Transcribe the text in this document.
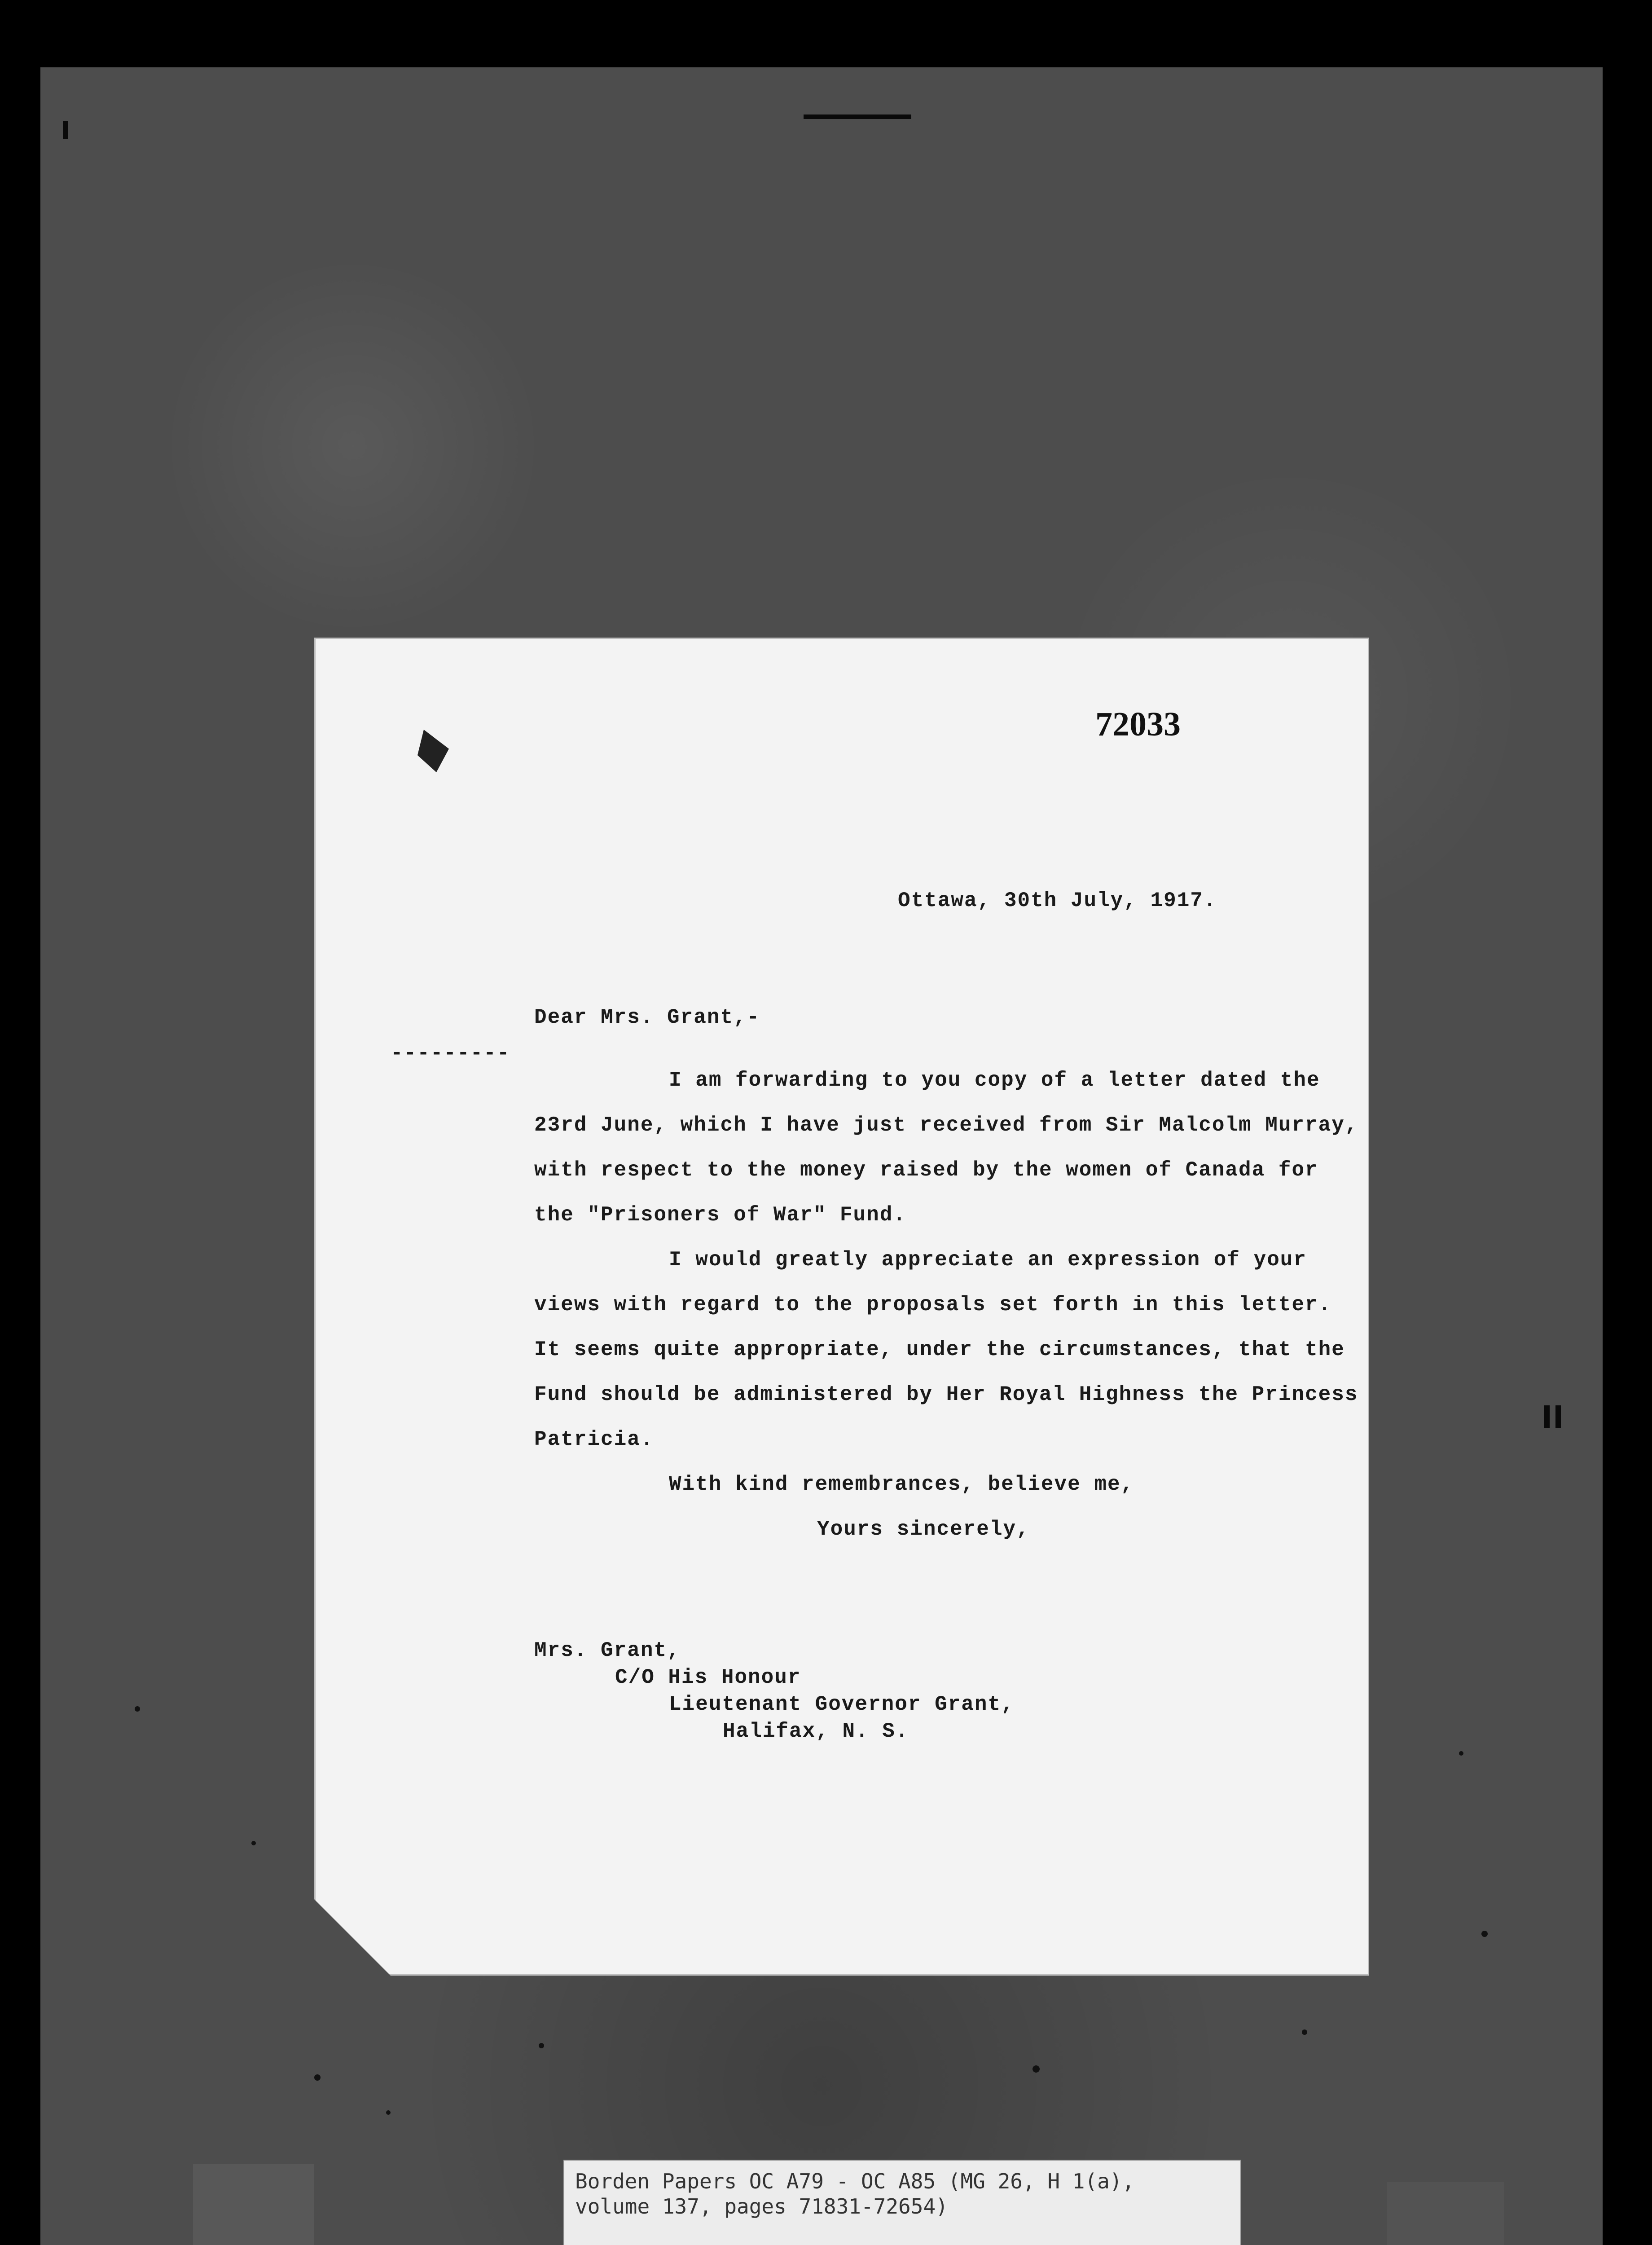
72033
Ottawa, 30th July, 1917.
Dear Mrs. Grant,-
---------
I am forwarding to you copy of a letter dated the
23rd June, which I have just received from Sir Malcolm Murray,
with respect to the money raised by the women of Canada for
the "Prisoners of War" Fund.
I would greatly appreciate an expression of your
views with regard to the proposals set forth in this letter.
It seems quite appropriate, under the circumstances, that the
Fund should be administered by Her Royal Highness the Princess
Patricia.
With kind remembrances, believe me,
Yours sincerely,
Mrs. Grant,
C/O His Honour
Lieutenant Governor Grant,
Halifax, N. S.
Borden Papers OC A79 - OC A85 (MG 26, H 1(a),
volume 137, pages 71831-72654)
